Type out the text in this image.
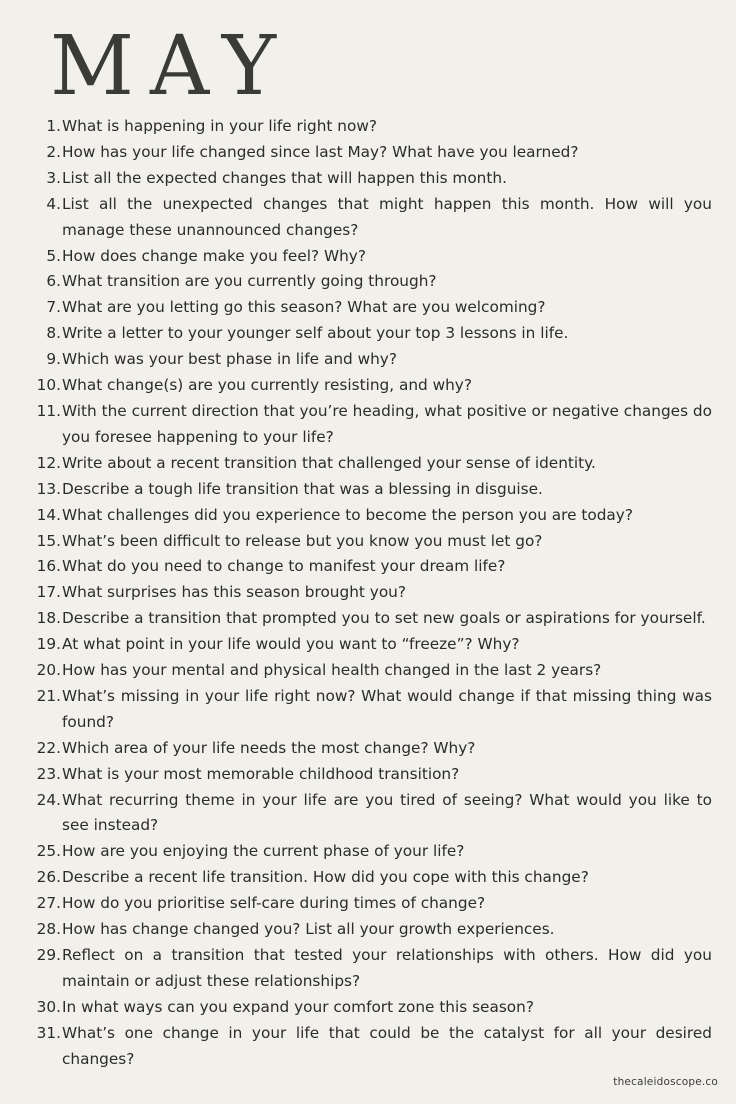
MAY
1. What is happening in your life right now?
2. How has your life changed since last May? What have you learned?
3. List all the expected changes that will happen this month.
4. List all the unexpected changes that might happen this month. How will you manage these unannounced changes?
5. How does change make you feel? Why?
6. What transition are you currently going through?
7. What are you letting go this season? What are you welcoming?
8. Write a letter to your younger self about your top 3 lessons in life.
9. Which was your best phase in life and why?
10. What change(s) are you currently resisting, and why?
11. With the current direction that you’re heading, what positive or negative changes do you foresee happening to your life?
12. Write about a recent transition that challenged your sense of identity.
13. Describe a tough life transition that was a blessing in disguise.
14. What challenges did you experience to become the person you are today?
15. What’s been difficult to release but you know you must let go?
16. What do you need to change to manifest your dream life?
17. What surprises has this season brought you?
18. Describe a transition that prompted you to set new goals or aspirations for yourself.
19. At what point in your life would you want to “freeze”? Why?
20. How has your mental and physical health changed in the last 2 years?
21. What’s missing in your life right now? What would change if that missing thing was found?
22. Which area of your life needs the most change? Why?
23. What is your most memorable childhood transition?
24. What recurring theme in your life are you tired of seeing? What would you like to see instead?
25. How are you enjoying the current phase of your life?
26. Describe a recent life transition. How did you cope with this change?
27. How do you prioritise self-care during times of change?
28. How has change changed you? List all your growth experiences.
29. Reflect on a transition that tested your relationships with others. How did you maintain or adjust these relationships?
30. In what ways can you expand your comfort zone this season?
31. What’s one change in your life that could be the catalyst for all your desired changes?

thecaleidoscope.co
